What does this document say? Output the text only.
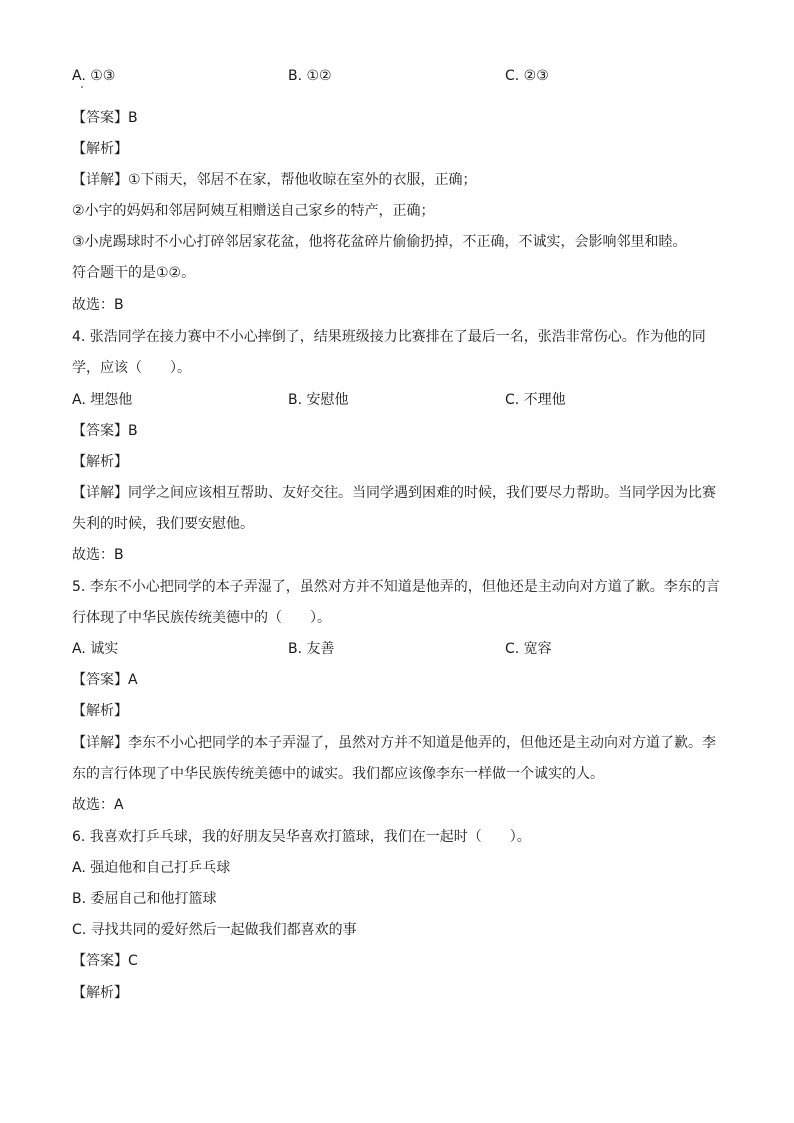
A. ①③	B. ①②	C. ②③
【答案】B
【解析】
【详解】①下雨天，邻居不在家，帮他收晾在室外的衣服，正确；
②小宇的妈妈和邻居阿姨互相赠送自己家乡的特产，正确；
③小虎踢球时不小心打碎邻居家花盆，他将花盆碎片偷偷扔掉，不正确，不诚实，会影响邻里和睦。
符合题干的是①②。
故选：B
4. 张浩同学在接力赛中不小心摔倒了，结果班级接力比赛排在了最后一名，张浩非常伤心。作为他的同
学，应该（　　）。
A. 埋怨他	B. 安慰他	C. 不理他
【答案】B
【解析】
【详解】同学之间应该相互帮助、友好交往。当同学遇到困难的时候，我们要尽力帮助。当同学因为比赛
失利的时候，我们要安慰他。
故选：B
5. 李东不小心把同学的本子弄湿了，虽然对方并不知道是他弄的，但他还是主动向对方道了歉。李东的言
行体现了中华民族传统美德中的（　　）。
A. 诚实	B. 友善	C. 宽容
【答案】A
【解析】
【详解】李东不小心把同学的本子弄湿了，虽然对方并不知道是他弄的，但他还是主动向对方道了歉。李
东的言行体现了中华民族传统美德中的诚实。我们都应该像李东一样做一个诚实的人。
故选：A
6. 我喜欢打乒乓球，我的好朋友吴华喜欢打篮球，我们在一起时（　　）。
A. 强迫他和自己打乒乓球
B. 委屈自己和他打篮球
C. 寻找共同的爱好然后一起做我们都喜欢的事
【答案】C
【解析】
